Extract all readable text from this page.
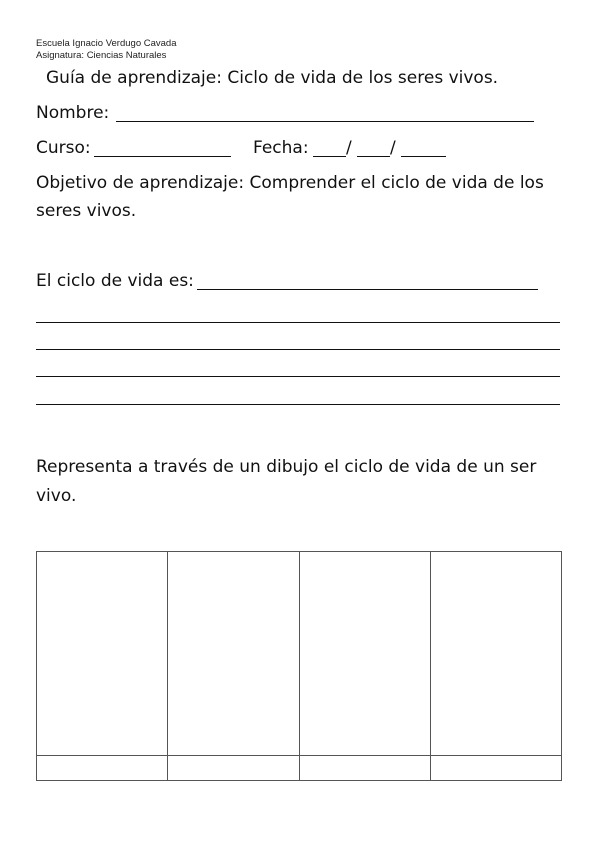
Escuela Ignacio Verdugo Cavada
Asignatura: Ciencias Naturales
Guía de aprendizaje: Ciclo de vida de los seres vivos.
Nombre:
Curso:	Fecha: / /
Objetivo de aprendizaje: Comprender el ciclo de vida de los
seres vivos.
El ciclo de vida es:
Representa a través de un dibujo el ciclo de vida de un ser
vivo.
